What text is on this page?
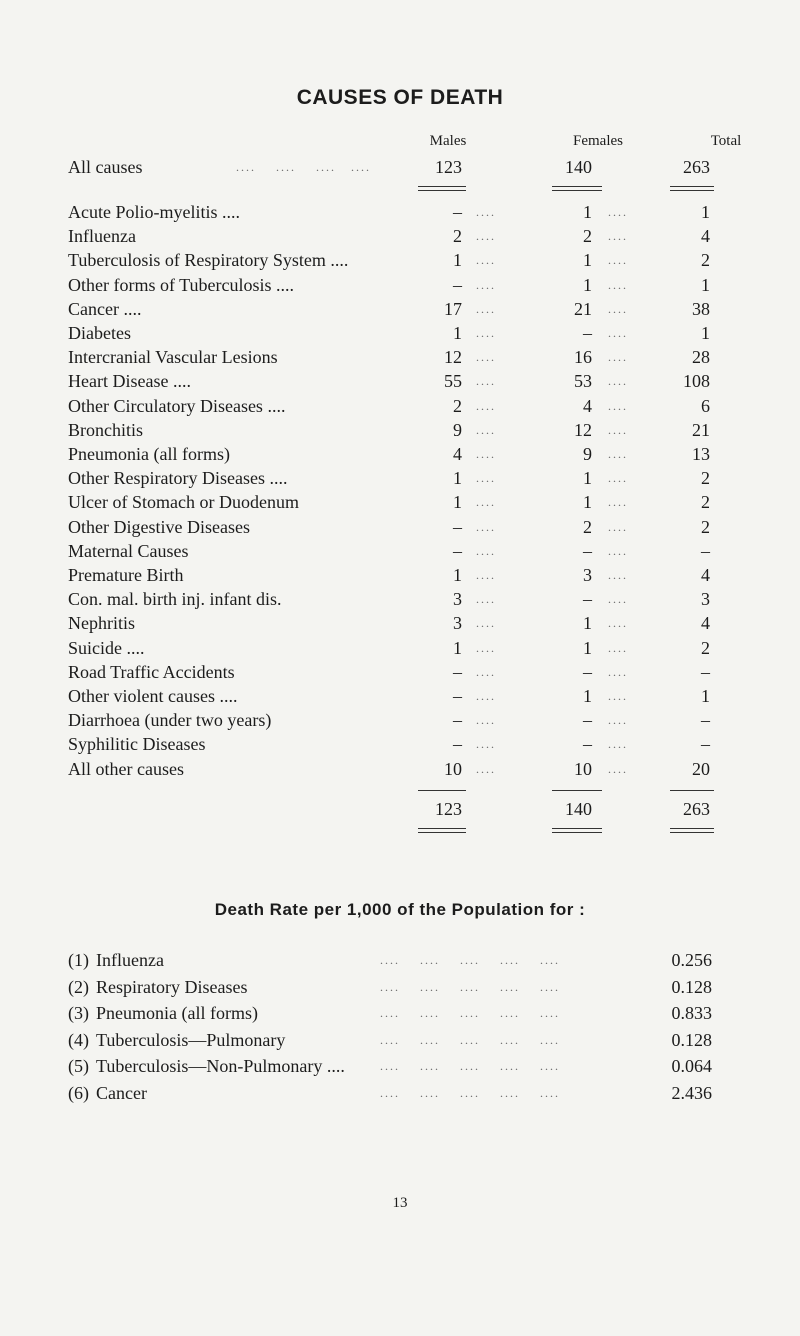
CAUSES OF DEATH
Males	Females	Total
All causes	....    ....    ....   ....	123	140	263
Acute Polio-myelitis ....	–	1	1
....	....
Influenza	2	2	4
....	....
Tuberculosis of Respiratory System ....	1	1	2
....	....
Other forms of Tuberculosis ....	–	1	1
....	....
Cancer ....	17	21	38
....	....
Diabetes	1	–	1
....	....
Intercranial Vascular Lesions	12	16	28
....	....
Heart Disease ....	55	53	108
....	....
Other Circulatory Diseases ....	2	4	6
....	....
Bronchitis	9	12	21
....	....
Pneumonia (all forms)	4	9	13
....	....
Other Respiratory Diseases ....	1	1	2
....	....
Ulcer of Stomach or Duodenum	1	1	2
....	....
Other Digestive Diseases	–	2	2
....	....
Maternal Causes	–	–	–
....	....
Premature Birth	1	3	4
....	....
Con. mal. birth inj. infant dis.	3	–	3
....	....
Nephritis	3	1	4
....	....
Suicide ....	1	1	2
....	....
Road Traffic Accidents	–	–	–
....	....
Other violent causes ....	–	1	1
....	....
Diarrhoea (under two years)	–	–	–
....	....
Syphilitic Diseases	–	–	–
....	....
All other causes	10	10	20
....	....
123	140	263
Death Rate per 1,000 of the Population for :
(1) Influenza	....    ....    ....    ....    ....	0.256
(2) Respiratory Diseases	....    ....    ....    ....    ....	0.128
(3) Pneumonia (all forms)	....    ....    ....    ....    ....	0.833
(4) Tuberculosis—Pulmonary	....    ....    ....    ....    ....	0.128
(5) Tuberculosis—Non-Pulmonary ....	....    ....    ....    ....    ....	0.064
(6) Cancer	....    ....    ....    ....    ....	2.436
13
